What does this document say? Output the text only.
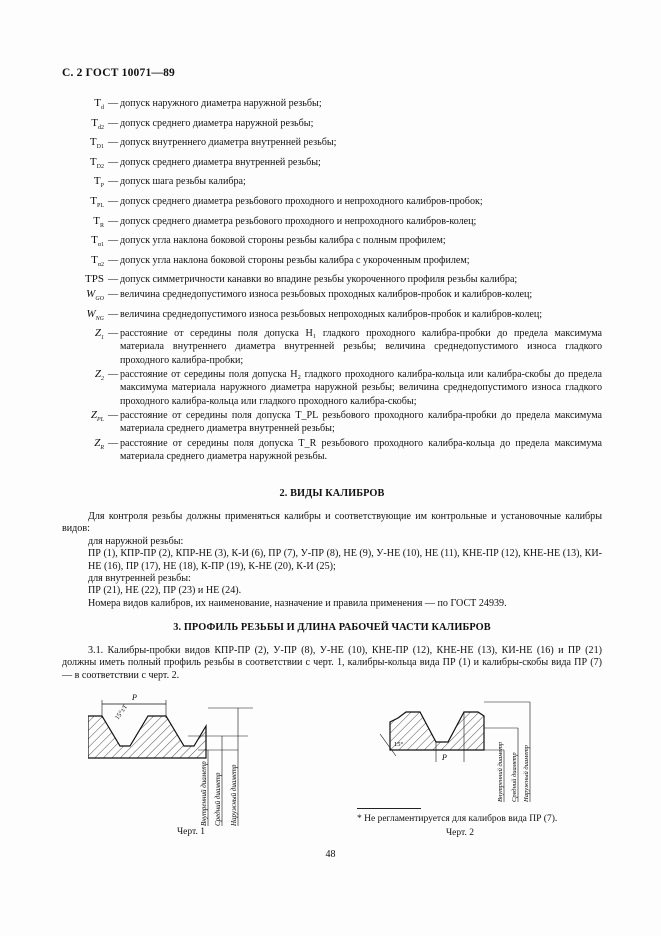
С. 2 ГОСТ 10071—89
$T_d$ — допуск наружного диаметра наружной резьбы;
$T_{d2}$ — допуск среднего диаметра наружной резьбы;
$T_{D1}$ — допуск внутреннего диаметра внутренней резьбы;
$T_{D2}$ — допуск среднего диаметра внутренней резьбы;
$T_P$ — допуск шага резьбы калибра;
$T_{PL}$ — допуск среднего диаметра резьбового проходного и непроходного калибров-пробок;
$T_R$ — допуск среднего диаметра резьбового проходного и непроходного калибров-колец;
$T_{\alpha 1}$ — допуск угла наклона боковой стороны резьбы калибра с полным профилем;
$T_{\alpha 2}$ — допуск угла наклона боковой стороны резьбы калибра с укороченным профилем;
TPS — допуск симметричности канавки во впадине резьбы укороченного профиля резьбы калибра;
$W_{GO}$ — величина среднедопустимого износа резьбовых проходных калибров-пробок и калибров-колец;
$W_{NG}$ — величина среднедопустимого износа резьбовых непроходных калибров-пробок и калибров-колец;
$Z_1$ — расстояние от середины поля допуска H₁ гладкого проходного калибра-пробки до предела максимума материала внутреннего диаметра внутренней резьбы; величина среднедопустимого износа гладкого проходного калибра-пробки;
$Z_2$ — расстояние от середины поля допуска H₂ гладкого проходного калибра-кольца или калибра-скобы до предела максимума материала наружного диаметра наружной резьбы; величина среднедопустимого износа гладкого проходного калибра-кольца или гладкого проходного калибра-скобы;
$Z_{PL}$ — расстояние от середины поля допуска T_PL резьбового проходного калибра-пробки до предела максимума материала среднего диаметра внутренней резьбы;
$Z_R$ — расстояние от середины поля допуска T_R резьбового проходного калибра-кольца до предела максимума материала среднего диаметра наружной резьбы.
2. ВИДЫ КАЛИБРОВ
Для контроля резьбы должны применяться калибры и соответствующие им контрольные и установочные калибры видов:
для наружной резьбы:
ПР (1), КПР-ПР (2), КПР-НЕ (3), К-И (6), ПР (7), У-ПР (8), НЕ (9), У-НЕ (10), НЕ (11), КНЕ-ПР (12), КНЕ-НЕ (13), КИ-НЕ (16), ПР (17), НЕ (18), К-ПР (19), К-НЕ (20), К-И (25);
для внутренней резьбы:
ПР (21), НЕ (22), ПР (23) и НЕ (24).
Номера видов калибров, их наименование, назначение и правила применения — по ГОСТ 24939.
3. ПРОФИЛЬ РЕЗЬБЫ И ДЛИНА РАБОЧЕЙ ЧАСТИ КАЛИБРОВ
3.1. Калибры-пробки видов КПР-ПР (2), У-ПР (8), У-НЕ (10), КНЕ-ПР (12), КНЕ-НЕ (13), КИ-НЕ (16) и ПР (21) должны иметь полный профиль резьбы в соответствии с черт. 1, калибры-кольца вида ПР (1) и калибры-скобы вида ПР (7) — в соответствии с черт. 2.
P
15°±T
Внутренний диаметр Средний диаметр Наружный диаметр
Черт. 1
P
15°	Внутренний диаметр Средний диаметр Наружный диаметр
* Не регламентируется для калибров вида ПР (7).
Черт. 2
48
